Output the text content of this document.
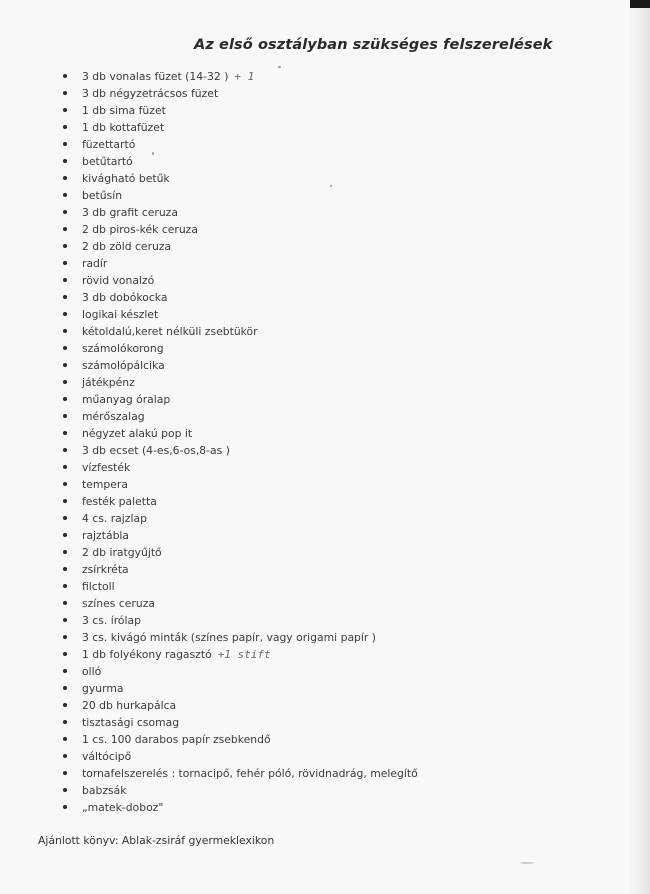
Az első osztályban szükséges felszerelések
3 db vonalas füzet (14-32 ) + 1
3 db négyzetrácsos füzet
1 db sima füzet
1 db kottafüzet
füzettartó
betűtartó
kivágható betűk
betűsín
3 db grafit ceruza
2 db piros-kék ceruza
2 db zöld ceruza
radír
rövid vonalzó
3 db dobókocka
logikai készlet
kétoldalú,keret nélküli zsebtükör
számolókorong
számolópálcika
játékpénz
műanyag óralap
mérőszalag
négyzet alakú pop it
3 db ecset (4-es,6-os,8-as )
vízfesték
tempera
festék paletta
4 cs. rajzlap
rajztábla
2 db iratgyűjtő
zsírkréta
filctoll
színes ceruza
3 cs. írólap
3 cs. kivágó minták (színes papír, vagy origami papír )
1 db folyékony ragasztó +1 stift
olló
gyurma
20 db hurkapálca
tisztasági csomag
1 cs. 100 darabos papír zsebkendő
váltócipő
tornafelszerelés : tornacipő, fehér póló, rövidnadrág, melegítő
babzsák
„matek-doboz"
Ajánlott könyv: Ablak-zsiráf gyermeklexikon
